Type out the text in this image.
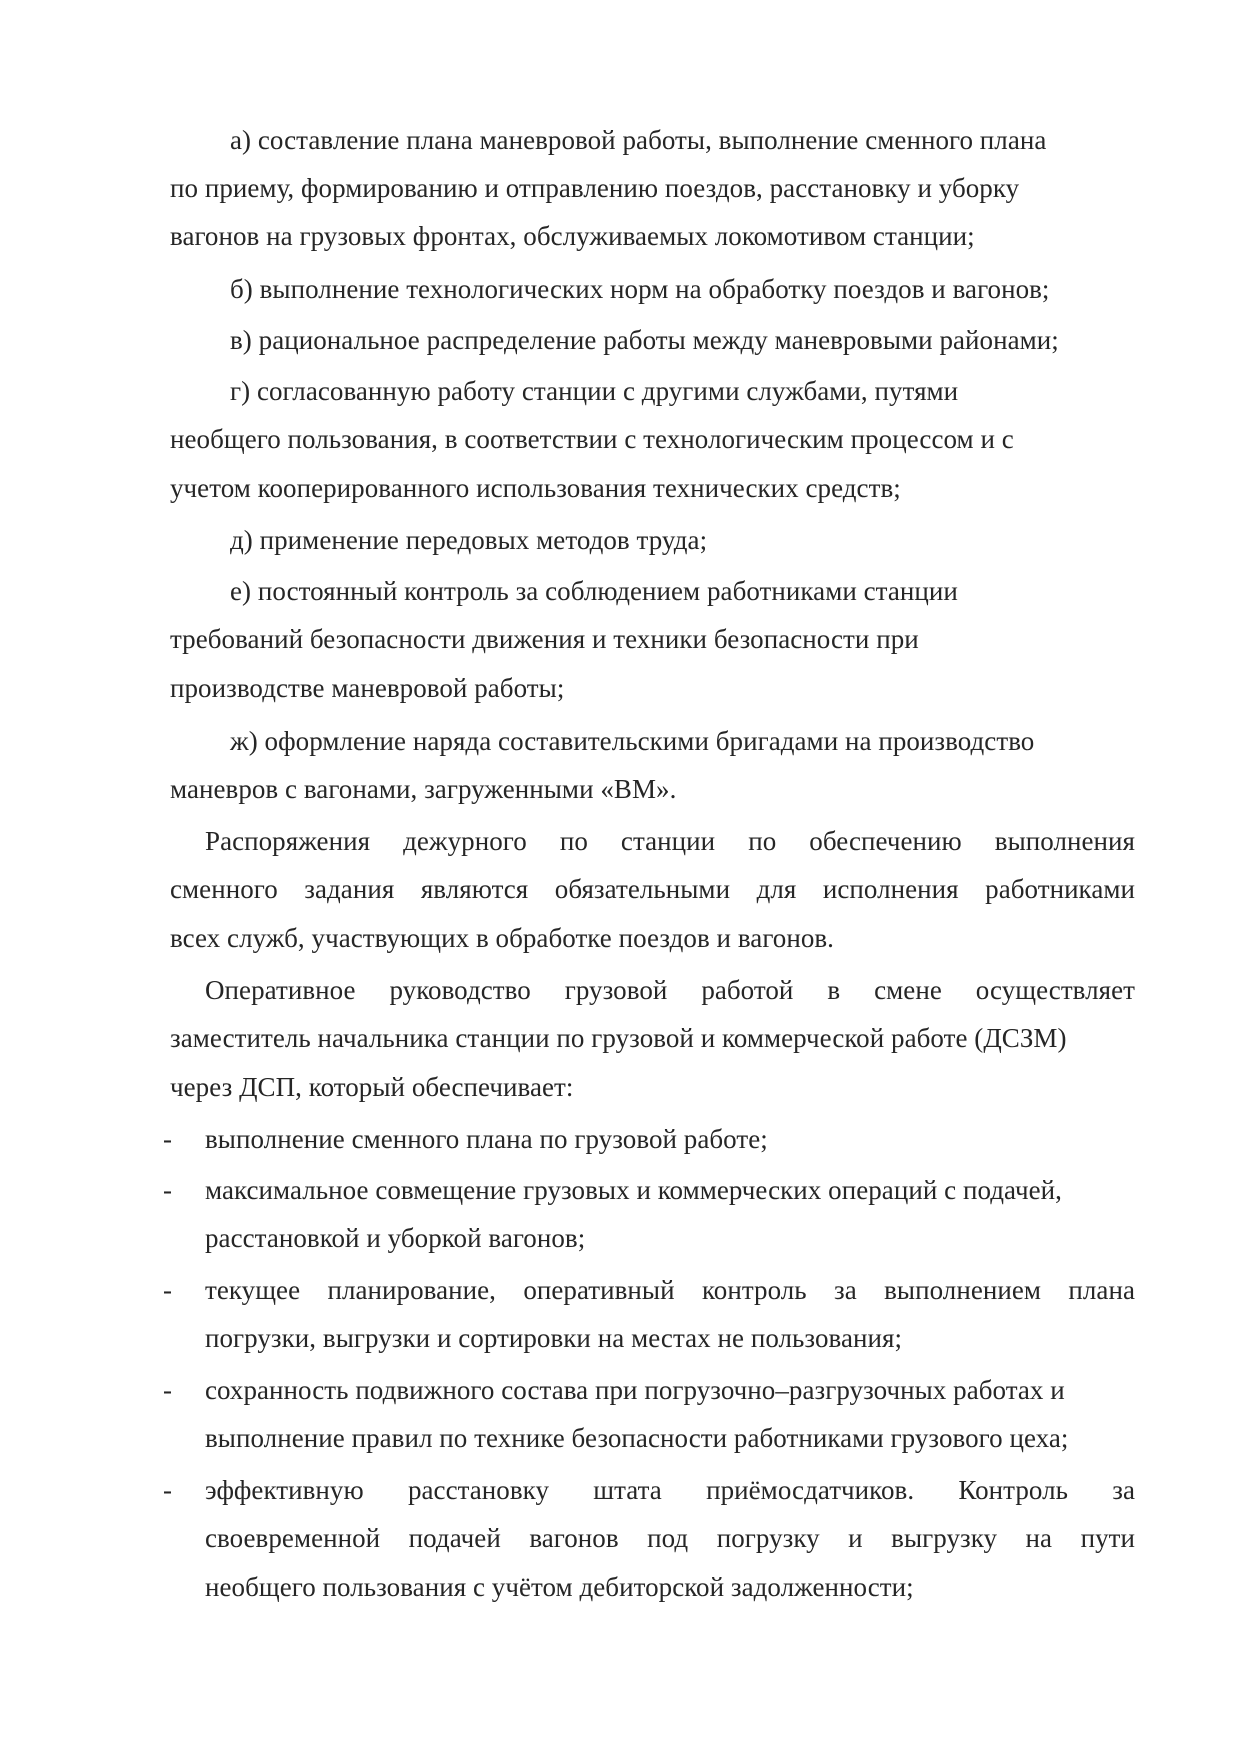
а) составление плана маневровой работы, выполнение сменного плана
по приему, формированию и отправлению поездов, расстановку и уборку
вагонов на грузовых фронтах, обслуживаемых локомотивом станции;
б) выполнение технологических норм на обработку поездов и вагонов;
в) рациональное распределение работы между маневровыми районами;
г) согласованную работу станции с другими службами, путями
необщего пользования, в соответствии с технологическим процессом и с
учетом кооперированного использования технических средств;
д) применение передовых методов труда;
е) постоянный контроль за соблюдением работниками станции
требований безопасности движения и техники безопасности при
производстве маневровой работы;
ж) оформление наряда составительскими бригадами на производство
маневров с вагонами, загруженными «ВМ».
Распоряжения дежурного по станции по обеспечению выполнения
сменного задания являются обязательными для исполнения работниками
всех служб, участвующих в обработке поездов и вагонов.
Оперативное руководство грузовой работой в смене осуществляет
заместитель начальника станции по грузовой и коммерческой работе (ДСЗМ)
через ДСП, который обеспечивает:
- выполнение сменного плана по грузовой работе;
- максимальное совмещение грузовых и коммерческих операций с подачей,
расстановкой и уборкой вагонов;
- текущее планирование, оперативный контроль за выполнением плана
погрузки, выгрузки и сортировки на местах не пользования;
- сохранность подвижного состава при погрузочно–разгрузочных работах и
выполнение правил по технике безопасности работниками грузового цеха;
- эффективную расстановку штата приёмосдатчиков. Контроль за
своевременной подачей вагонов под погрузку и выгрузку на пути
необщего пользования с учётом дебиторской задолженности;
